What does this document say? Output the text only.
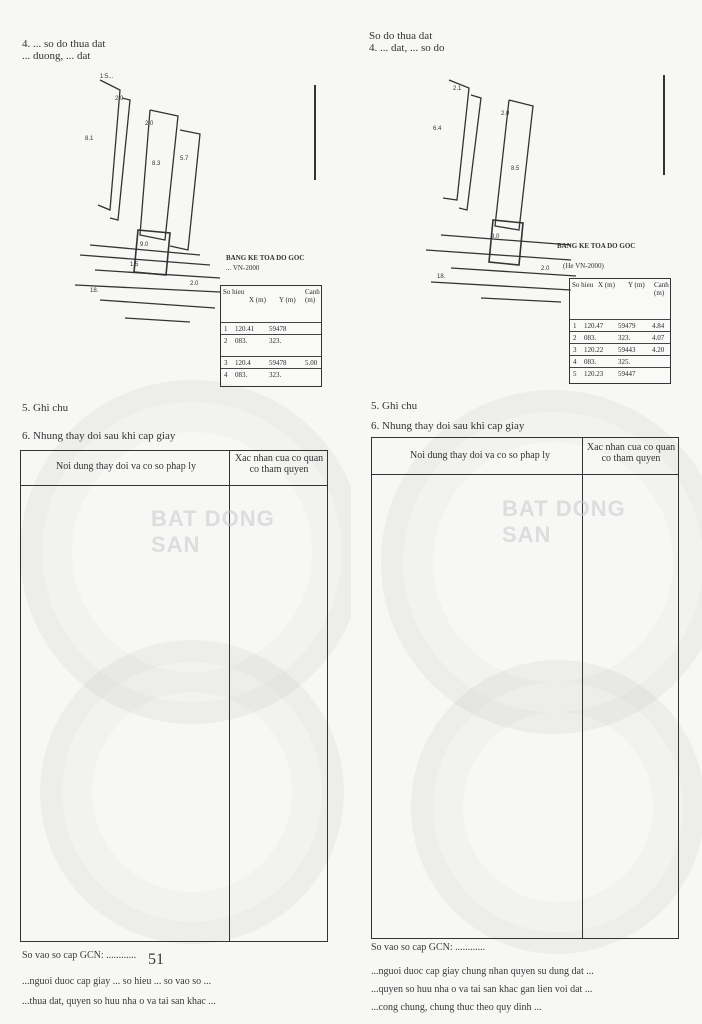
4. ... so do thua dat
... duong, ... dat
1:5...
2.0
8.1
2.0
8.3
5.7
9.0
1.5
18.
2.0
BANG KE TOA DO GOC
... VN-2000
So hieu
X (m) Y (m)
Canh (m)
1 120.41 59478
2 083.	323.
3 120.4	59478	5.00
4 083.	323.
5. Ghi chu
6. Nhung thay doi sau khi cap giay
Noi dung thay doi va co so phap ly
Xac nhan cua co quan co tham quyen
BAT DONG SAN
51
So vao so cap GCN: ............
...nguoi duoc cap giay ... so hieu ... so vao so ...
...thua dat, quyen so huu nha o va tai san khac ...
So do thua dat
4. ... dat, ... so do
2.1
6.4
2.0
8.5
9.0
18.
2.0
BANG KE TOA DO GOC
(He VN-2000)
So hieu X (m) Y (m) Canh (m)
1 120.47 59479 4.84
2 083.	323.	4.07
3 120.22 59443 4.20
4 083.	325.
5 120.23 59447
5. Ghi chu
6. Nhung thay doi sau khi cap giay
Noi dung thay doi va co so phap ly
Xac nhan cua co quan co tham quyen
BAT DONG SAN
So vao so cap GCN: ............
...nguoi duoc cap giay chung nhan quyen su dung dat ...
...quyen so huu nha o va tai san khac gan lien voi dat ...
...cong chung, chung thuc theo quy dinh ...
